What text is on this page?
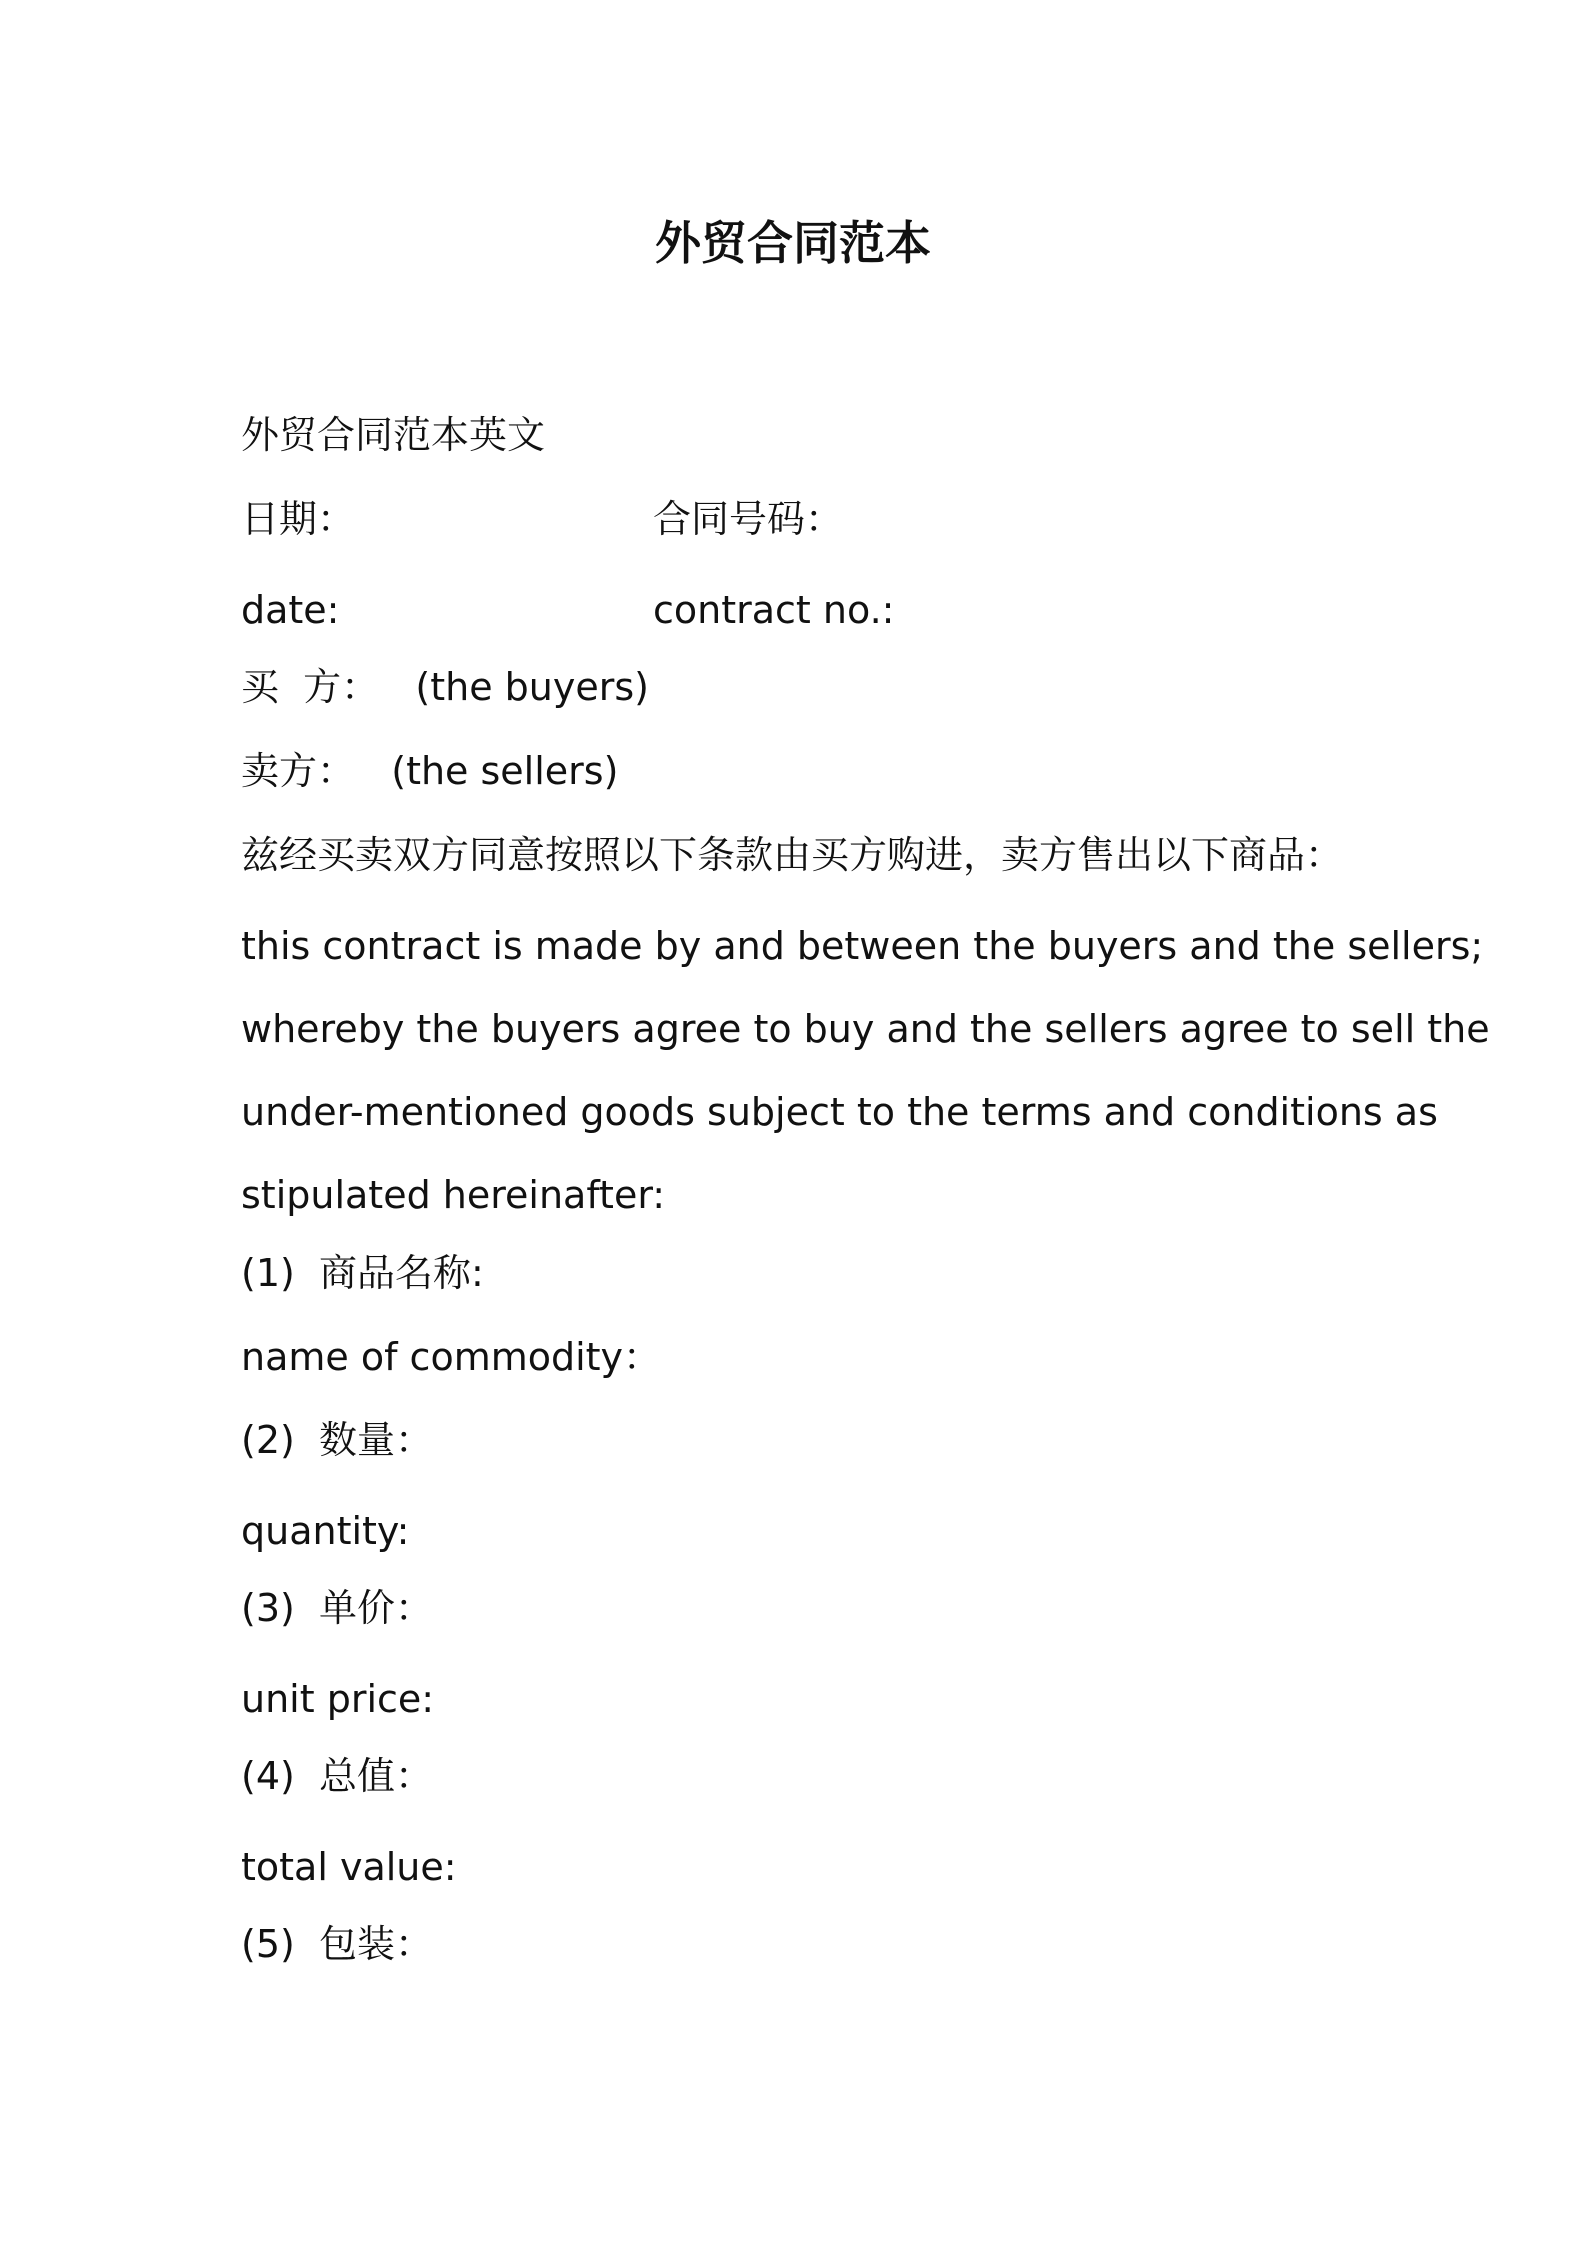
外贸合同范本
外贸合同范本英文
日期：	合同号码：
date:	contract no.:
买  方：   (the buyers)
卖方：   (the sellers)
兹经买卖双方同意按照以下条款由买方购进，卖方售出以下商品：
this contract is made by and between the buyers and the sellers;
whereby the buyers agree to buy and the sellers agree to sell the
under-mentioned goods subject to the terms and conditions as
stipulated hereinafter:
(1)  商品名称:
name of commodity：
(2)  数量：
quantity:
(3)  单价：
unit price:
(4)  总值：
total value:
(5)  包装：
